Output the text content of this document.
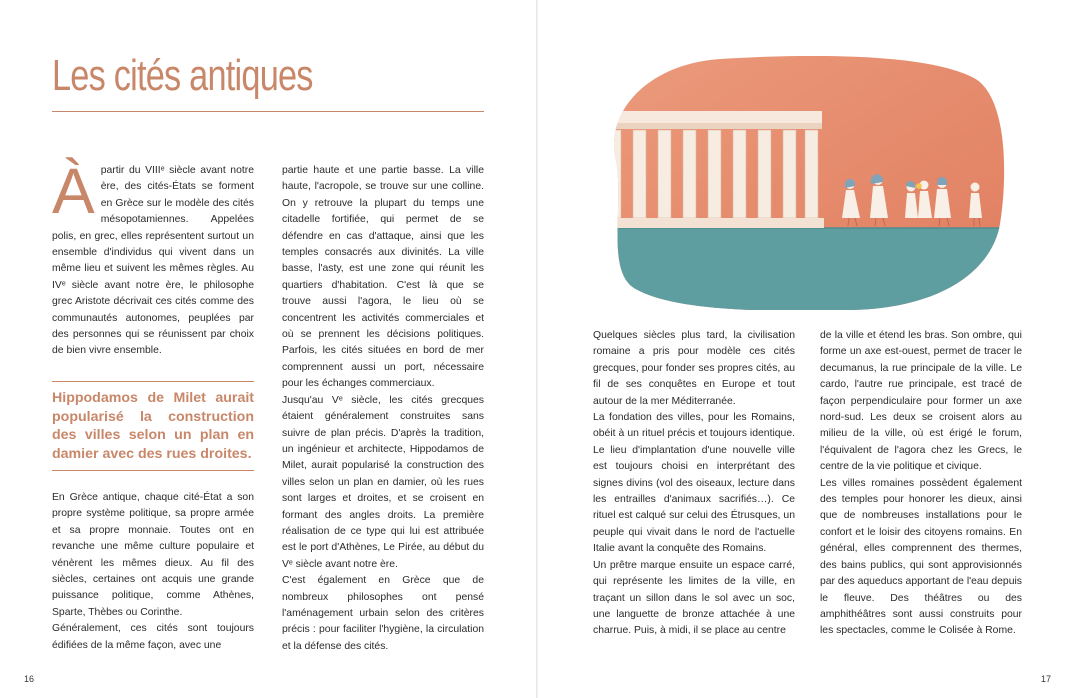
Les cités antiques
À partir du VIIIᵉ siècle avant notre ère, des cités-États se forment en Grèce sur le modèle des cités mésopotamiennes. Appelées polis, en grec, elles représentent surtout un ensemble d'individus qui vivent dans un même lieu et suivent les mêmes règles. Au IVᵉ siècle avant notre ère, le philosophe grec Aristote décrivait ces cités comme des communautés autonomes, peuplées par des personnes qui se réunissent par choix de bien vivre ensemble.

Hippodamos de Milet aurait popularisé la construction des villes selon un plan en damier avec des rues droites.

En Grèce antique, chaque cité-État a son propre système politique, sa propre armée et sa propre monnaie. Toutes ont en revanche une même culture populaire et vénèrent les mêmes dieux. Au fil des siècles, certaines ont acquis une grande puissance politique, comme Athènes, Sparte, Thèbes ou Corinthe.

Généralement, ces cités sont toujours édifiées de la même façon, avec une

partie haute et une partie basse. La ville haute, l'acropole, se trouve sur une colline. On y retrouve la plupart du temps une citadelle fortifiée, qui permet de se défendre en cas d'attaque, ainsi que les temples consacrés aux divinités. La ville basse, l'asty, est une zone qui réunit les quartiers d'habitation. C'est là que se trouve aussi l'agora, le lieu où se concentrent les activités commerciales et où se prennent les décisions politiques. Parfois, les cités situées en bord de mer comprennent aussi un port, nécessaire pour les échanges commerciaux.

Jusqu'au Vᵉ siècle, les cités grecques étaient généralement construites sans suivre de plan précis. D'après la tradition, un ingénieur et architecte, Hippodamos de Milet, aurait popularisé la construction des villes selon un plan en damier, où les rues sont larges et droites, et se croisent en formant des angles droits. La première réalisation de ce type qui lui est attribuée est le port d'Athènes, Le Pirée, au début du Vᵉ siècle avant notre ère.

C'est également en Grèce que de nombreux philosophes ont pensé l'aménagement urbain selon des critères précis : pour faciliter l'hygiène, la circulation et la défense des cités.

16

Quelques siècles plus tard, la civilisation romaine a pris pour modèle ces cités grecques, pour fonder ses propres cités, au fil de ses conquêtes en Europe et tout autour de la mer Méditerranée.

La fondation des villes, pour les Romains, obéit à un rituel précis et toujours identique. Le lieu d'implantation d'une nouvelle ville est toujours choisi en interprétant des signes divins (vol des oiseaux, lecture dans les entrailles d'animaux sacrifiés…). Ce rituel est calqué sur celui des Étrusques, un peuple qui vivait dans le nord de l'actuelle Italie avant la conquête des Romains.

Un prêtre marque ensuite un espace carré, qui représente les limites de la ville, en traçant un sillon dans le sol avec un soc, une languette de bronze attachée à une charrue. Puis, à midi, il se place au centre

de la ville et étend les bras. Son ombre, qui forme un axe est-ouest, permet de tracer le decumanus, la rue principale de la ville. Le cardo, l'autre rue principale, est tracé de façon perpendiculaire pour former un axe nord-sud. Les deux se croisent alors au milieu de la ville, où est érigé le forum, l'équivalent de l'agora chez les Grecs, le centre de la vie politique et civique.

Les villes romaines possèdent également des temples pour honorer les dieux, ainsi que de nombreuses installations pour le confort et le loisir des citoyens romains. En général, elles comprennent des thermes, des bains publics, qui sont approvisionnés par des aqueducs apportant de l'eau depuis le fleuve. Des théâtres ou des amphithéâtres sont aussi construits pour les spectacles, comme le Colisée à Rome.

17
